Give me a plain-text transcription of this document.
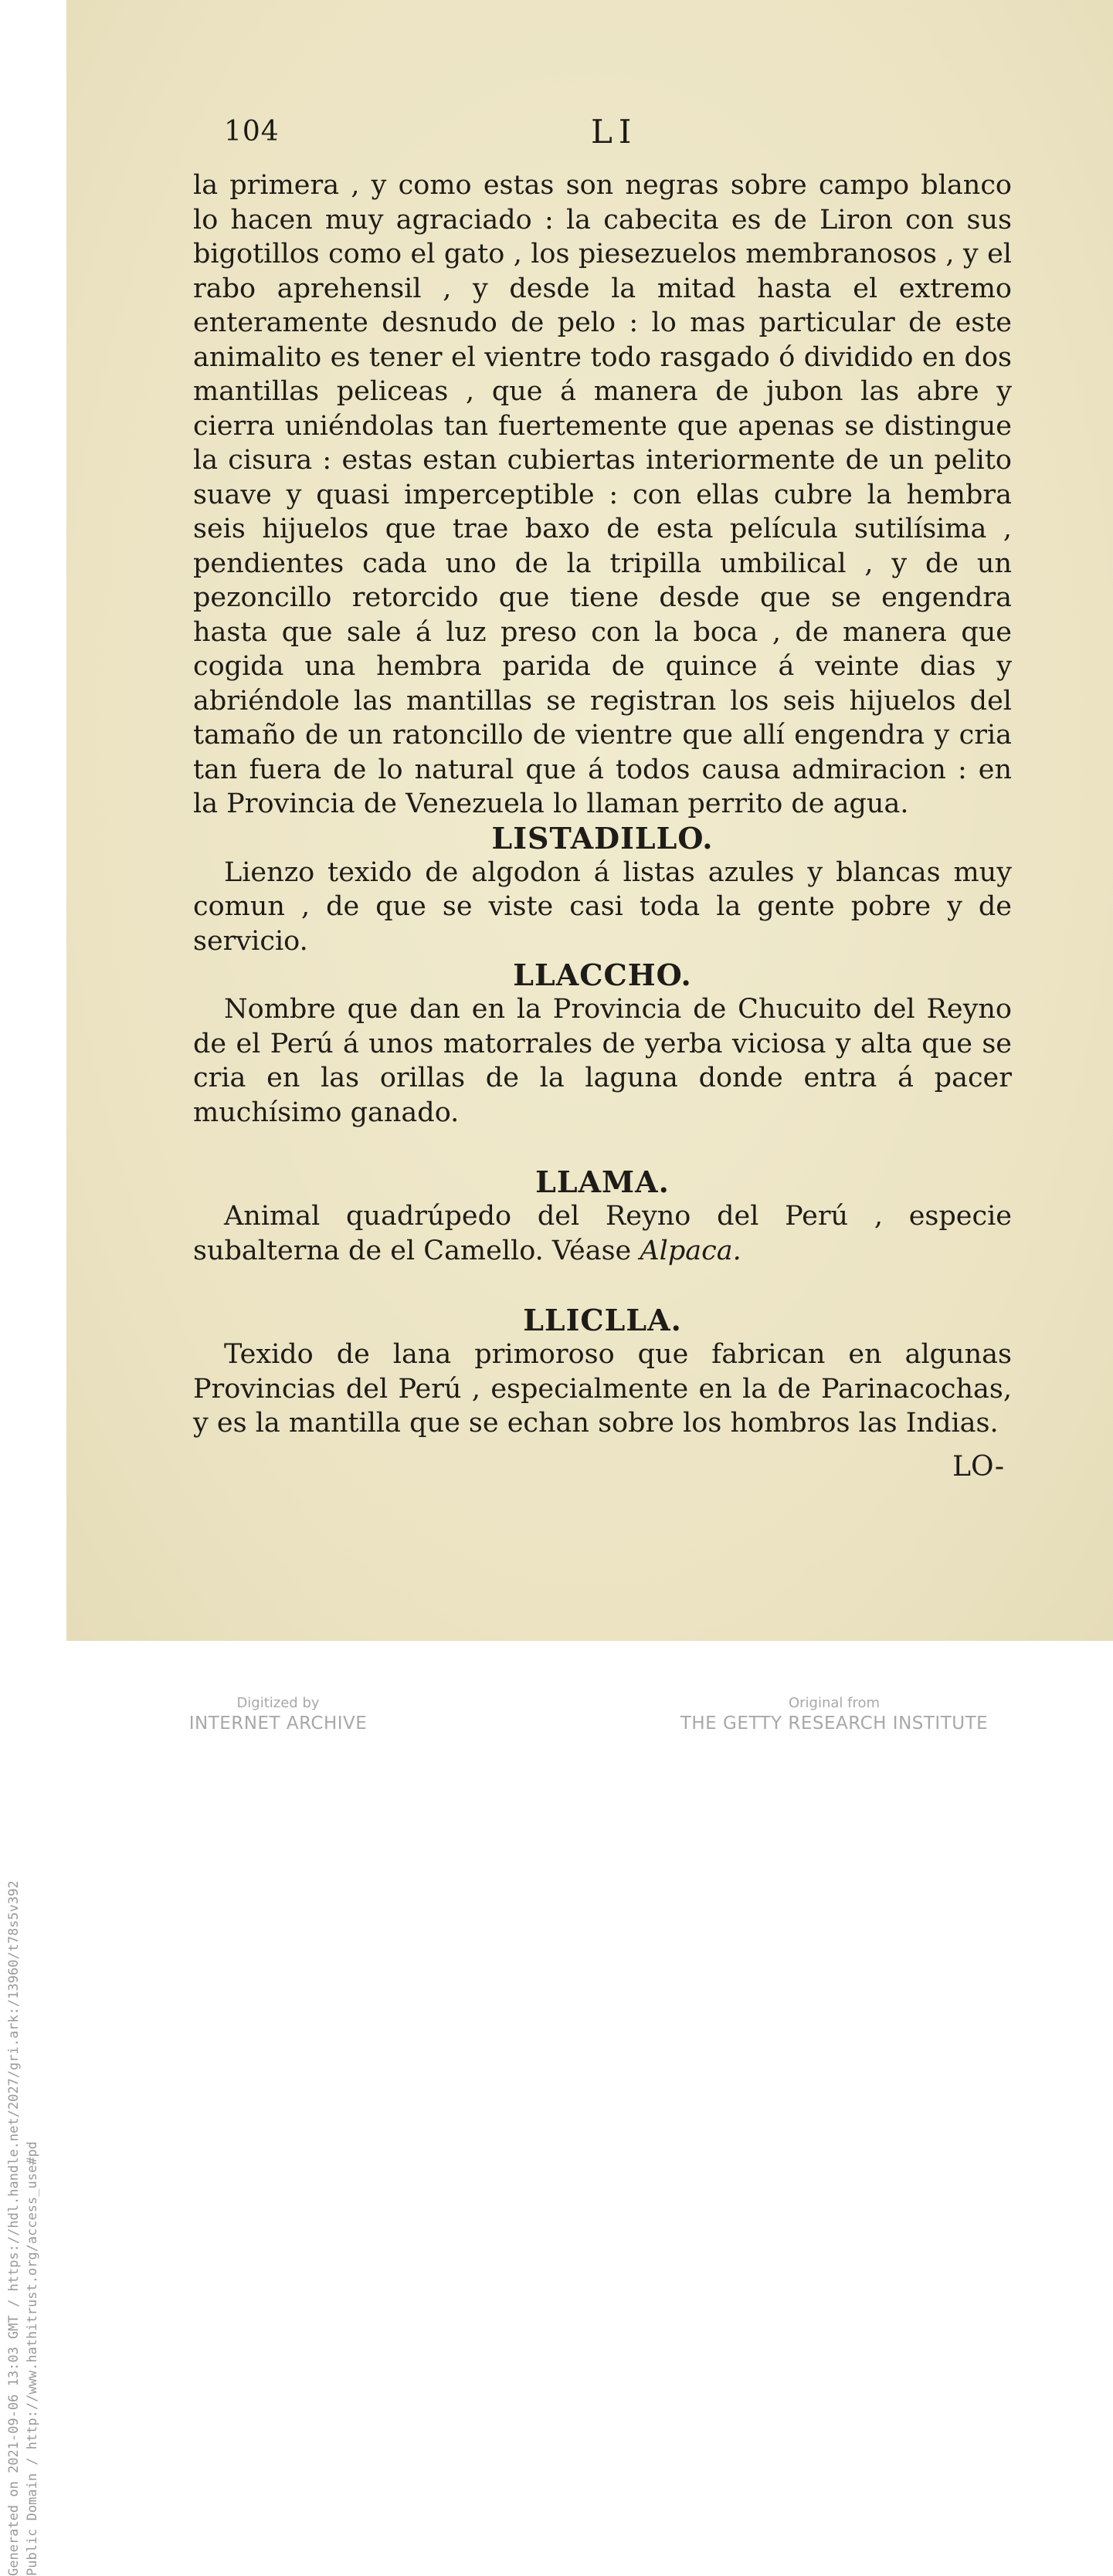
Generated on 2021-09-06 13:03 GMT / https://hdl.handle.net/2027/gri.ark:/13960/t78s5v392 Public Domain / http://www.hathitrust.org/access_use#pd
104	LI

la primera , y como estas son negras sobre campo blanco lo hacen muy agraciado : la cabecita es de Liron con sus bigotillos como el gato , los piesezuelos membranosos , y el rabo aprehensil , y desde la mitad hasta el extremo enteramente desnudo de pelo : lo mas particular de este animalito es tener el vientre todo rasgado ó dividido en dos mantillas peliceas , que á manera de jubon las abre y cierra uniéndolas tan fuertemente que apenas se distingue la cisura : estas estan cubiertas interiormente de un pelito suave y quasi imperceptible : con ellas cubre la hembra seis hijuelos que trae baxo de esta película sutilísima , pendientes cada uno de la tripilla umbilical , y de un pezoncillo retorcido que tiene desde que se engendra hasta que sale á luz preso con la boca , de manera que cogida una hembra parida de quince á veinte dias y abriéndole las mantillas se registran los seis hijuelos del tamaño de un ratoncillo de vientre que allí engendra y cria tan fuera de lo natural que á todos causa admiracion : en la Provincia de Venezuela lo llaman perrito de agua.

LISTADILLO.

Lienzo texido de algodon á listas azules y blancas muy comun , de que se viste casi toda la gente pobre y de servicio.

LLACCHO.

Nombre que dan en la Provincia de Chucuito del Reyno de el Perú á unos matorrales de yerba viciosa y alta que se cria en las orillas de la laguna donde entra á pacer muchísimo ganado.

LLAMA.

Animal quadrúpedo del Reyno del Perú , especie subalterna de el Camello. Véase Alpaca.

LLICLLA.

Texido de lana primoroso que fabrican en algunas Provincias del Perú , especialmente en la de Parinacochas, y es la mantilla que se echan sobre los hombros las Indias.

LO-

Digitized by
INTERNET ARCHIVE
Original from
THE GETTY RESEARCH INSTITUTE
